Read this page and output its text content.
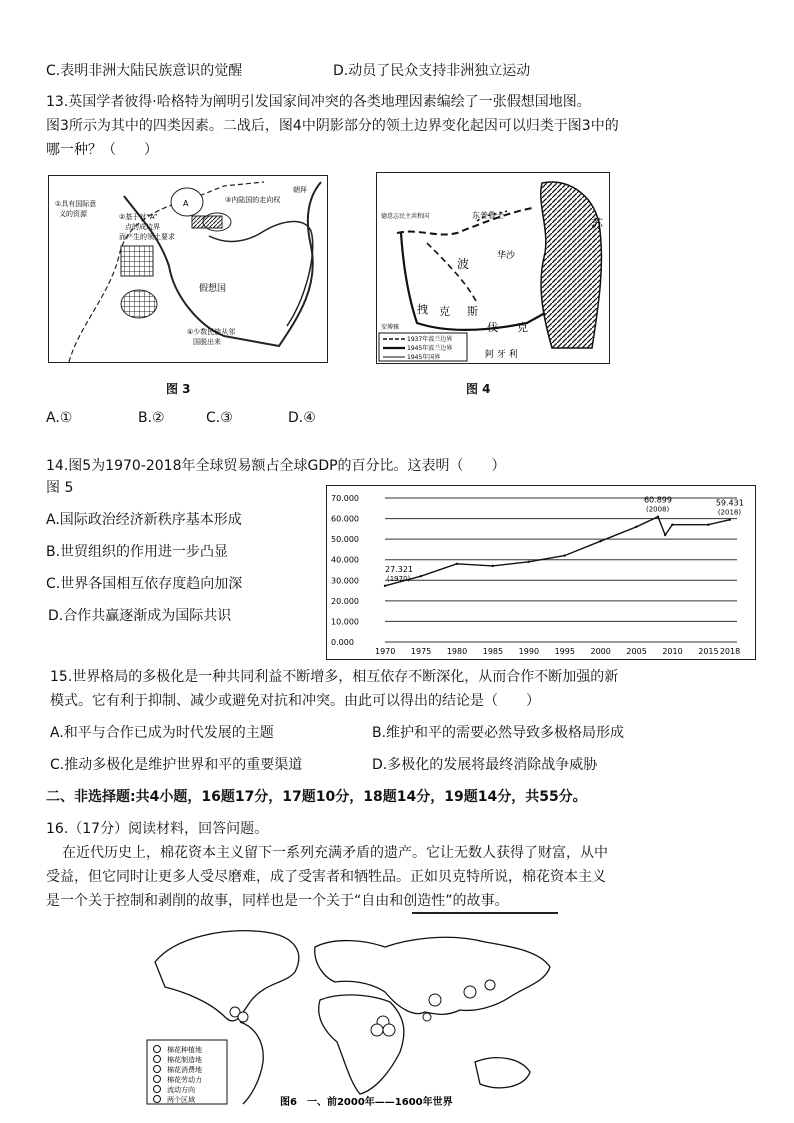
C.表明非洲大陆民族意识的觉醒	D.动员了民众支持非洲独立运动
13.英国学者彼得·哈格特为阐明引发国家间冲突的各类地理因素编绘了一张假想国地图。
图3所示为其中的四类因素。二战后，图4中阴影部分的领土边界变化起因可以归类于图3中的
哪一种？（　　）
①具有国际意
义的资源	②基于对“A”
点的成边界
而产生的领土要求
③内陆国的走向权
朝拜
A
假想国
④少数民族从邻
国脱出来
图 3
1937年波兰边界
1945年波兰边界
1945年国界
东普鲁士
华沙
波
苏
德意志民主共和国
拽 克 斯
伐 克
安博雅
阿 牙 利
图 4
A.①	B.②	C.③	D.④
14.图5为1970-2018年全球贸易额占全球GDP的百分比。这表明（　　）
图 5
A.国际政治经济新秩序基本形成
B.世贸组织的作用进一步凸显
C.世界各国相互依存度趋向加深
D.合作共赢逐渐成为国际共识
70.000
60.000
50.000
40.000
30.000
20.000
10.000
0.000
1970 1975 1980 1985 1990 1995 2000 2005 2010 2015 2018
27.321
(1970)
60.899
(2008)
59.431
(2018)
15.世界格局的多极化是一种共同利益不断增多，相互依存不断深化，从而合作不断加强的新
模式。它有利于抑制、减少或避免对抗和冲突。由此可以得出的结论是（　　）
A.和平与合作已成为时代发展的主题	B.维护和平的需要必然导致多极格局形成
C.推动多极化是维护世界和平的重要渠道	D.多极化的发展将最终消除战争威胁
二、非选择题:共4小题，16题17分，17题10分，18题14分，19题14分，共55分。
16.（17分）阅读材料，回答问题。
在近代历史上，棉花资本主义留下一系列充满矛盾的遗产。它让无数人获得了财富，从中
受益，但它同时让更多人受尽磨难，成了受害者和牺牲品。正如贝克特所说，棉花资本主义
是一个关于控制和剥削的故事，同样也是一个关于“自由和创造性”的故事。
棉花种植地
棉花制造地
棉花消费地
棉花劳动力
流动方向
两个区域	图6　一、前2000年——1600年世界
